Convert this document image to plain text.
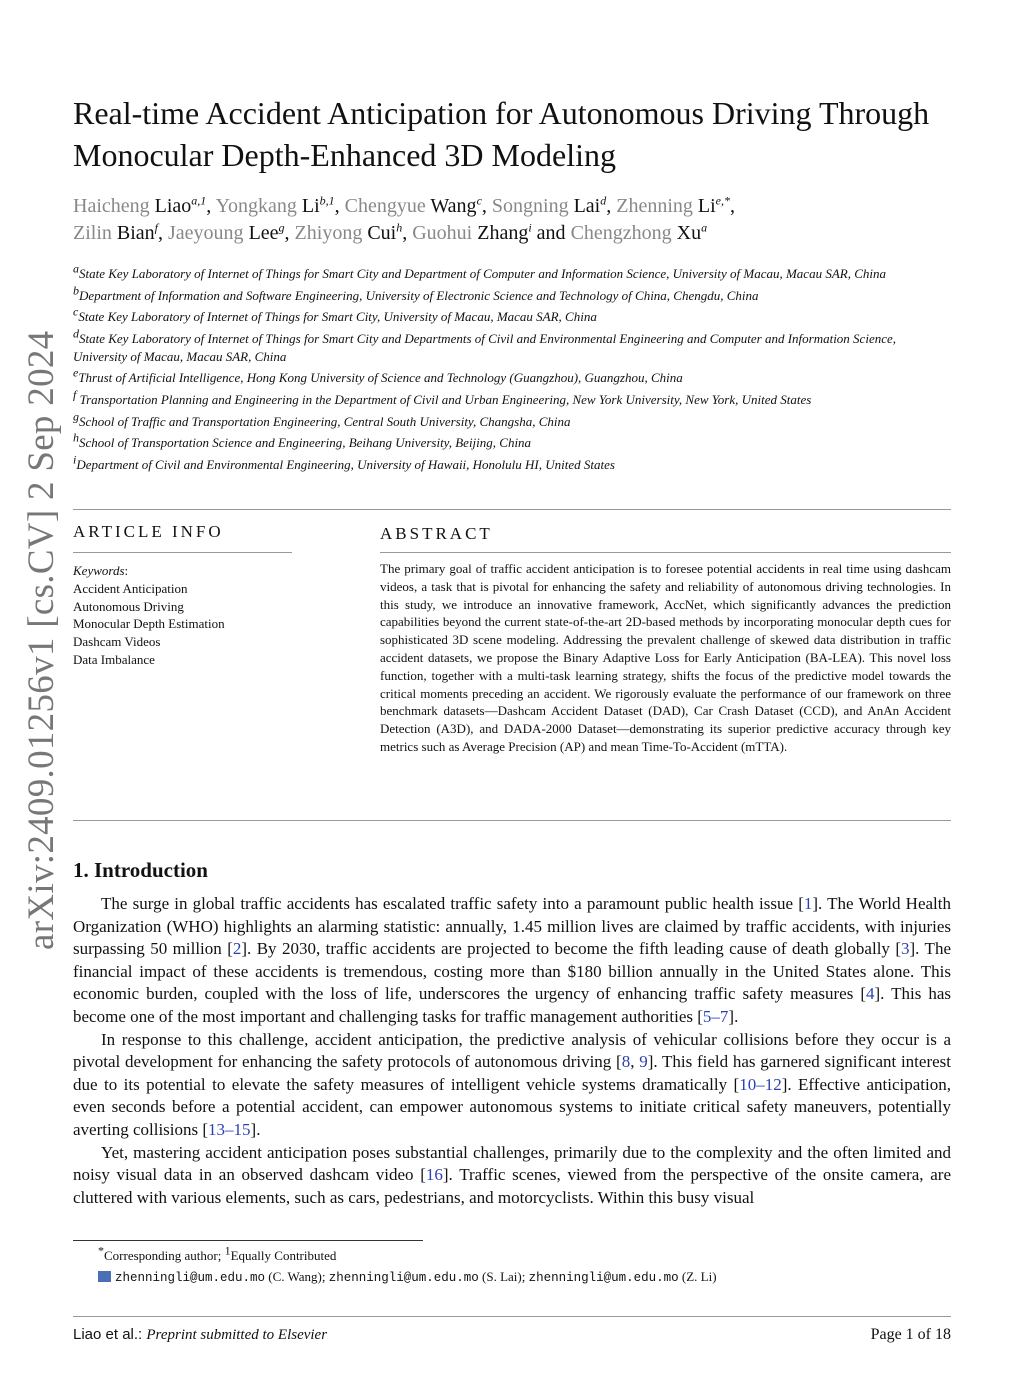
arXiv:2409.01256v1 [cs.CV] 2 Sep 2024
Real-time Accident Anticipation for Autonomous Driving Through Monocular Depth-Enhanced 3D Modeling
Haicheng Liao$^{a,1}$, Yongkang Li$^{b,1}$, Chengyue Wang$^c$, Songning Lai$^d$, Zhenning $Li^{e,*}$,
Zilin Bian$^f$, Jaeyoung Lee$^g$, Zhiyong Cui$^h$, Guohui Zhang$^i$ and Chengzhong Xu$^a$
$^a$State Key Laboratory of Internet of Things for Smart City and Department of Computer and Information Science, University of Macau, Macau SAR, China
$^b$Department of Information and Software Engineering, University of Electronic Science and Technology of China, Chengdu, China
$^c$State Key Laboratory of Internet of Things for Smart City, University of Macau, Macau SAR, China
$^d$State Key Laboratory of Internet of Things for Smart City and Departments of Civil and Environmental Engineering and Computer and Information Science, University of Macau, Macau SAR, China
$^e$Thrust of Artificial Intelligence, Hong Kong University of Science and Technology (Guangzhou), Guangzhou, China
$^f$ Transportation Planning and Engineering in the Department of Civil and Urban Engineering, New York University, New York, United States
$^g$School of Traffic and Transportation Engineering, Central South University, Changsha, China
$^h$School of Transportation Science and Engineering, Beihang University, Beijing, China
$^i$Department of Civil and Environmental Engineering, University of Hawaii, Honolulu HI, United States
ARTICLE INFO
Keywords:
Accident Anticipation
Autonomous Driving
Monocular Depth Estimation
Dashcam Videos
Data Imbalance
ABSTRACT
The primary goal of traffic accident anticipation is to foresee potential accidents in real time using dashcam videos, a task that is pivotal for enhancing the safety and reliability of autonomous driving technologies. In this study, we introduce an innovative framework, AccNet, which significantly advances the prediction capabilities beyond the current state-of-the-art 2D-based methods by incorporating monocular depth cues for sophisticated 3D scene modeling. Addressing the prevalent challenge of skewed data distribution in traffic accident datasets, we propose the Binary Adaptive Loss for Early Anticipation (BA-LEA). This novel loss function, together with a multi-task learning strategy, shifts the focus of the predictive model towards the critical moments preceding an accident. We rigorously evaluate the performance of our framework on three benchmark datasets—Dashcam Accident Dataset (DAD), Car Crash Dataset (CCD), and AnAn Accident Detection (A3D), and DADA-2000 Dataset—demonstrating its superior predictive accuracy through key metrics such as Average Precision (AP) and mean Time-To-Accident (mTTA).
1. Introduction

The surge in global traffic accidents has escalated traffic safety into a paramount public health issue [1]. The World Health Organization (WHO) highlights an alarming statistic: annually, 1.45 million lives are claimed by traffic accidents, with injuries surpassing 50 million [2]. By 2030, traffic accidents are projected to become the fifth leading cause of death globally [3]. The financial impact of these accidents is tremendous, costing more than $180 billion annually in the United States alone. This economic burden, coupled with the loss of life, underscores the urgency of enhancing traffic safety measures [4]. This has become one of the most important and challenging tasks for traffic management authorities [5–7].

In response to this challenge, accident anticipation, the predictive analysis of vehicular collisions before they occur is a pivotal development for enhancing the safety protocols of autonomous driving [8, 9]. This field has garnered significant interest due to its potential to elevate the safety measures of intelligent vehicle systems dramatically [10–12]. Effective anticipation, even seconds before a potential accident, can empower autonomous systems to initiate critical safety maneuvers, potentially averting collisions [13–15].

Yet, mastering accident anticipation poses substantial challenges, primarily due to the complexity and the often limited and noisy visual data in an observed dashcam video [16]. Traffic scenes, viewed from the perspective of the onsite camera, are cluttered with various elements, such as cars, pedestrians, and motorcyclists. Within this busy visual

*Corresponding author; $^1$Equally Contributed
zhenningli@um.edu.mo (C. Wang); zhenningli@um.edu.mo (S. Lai); zhenningli@um.edu.mo (Z. Li)
Liao et al.: Preprint submitted to Elsevier	Page 1 of 18
